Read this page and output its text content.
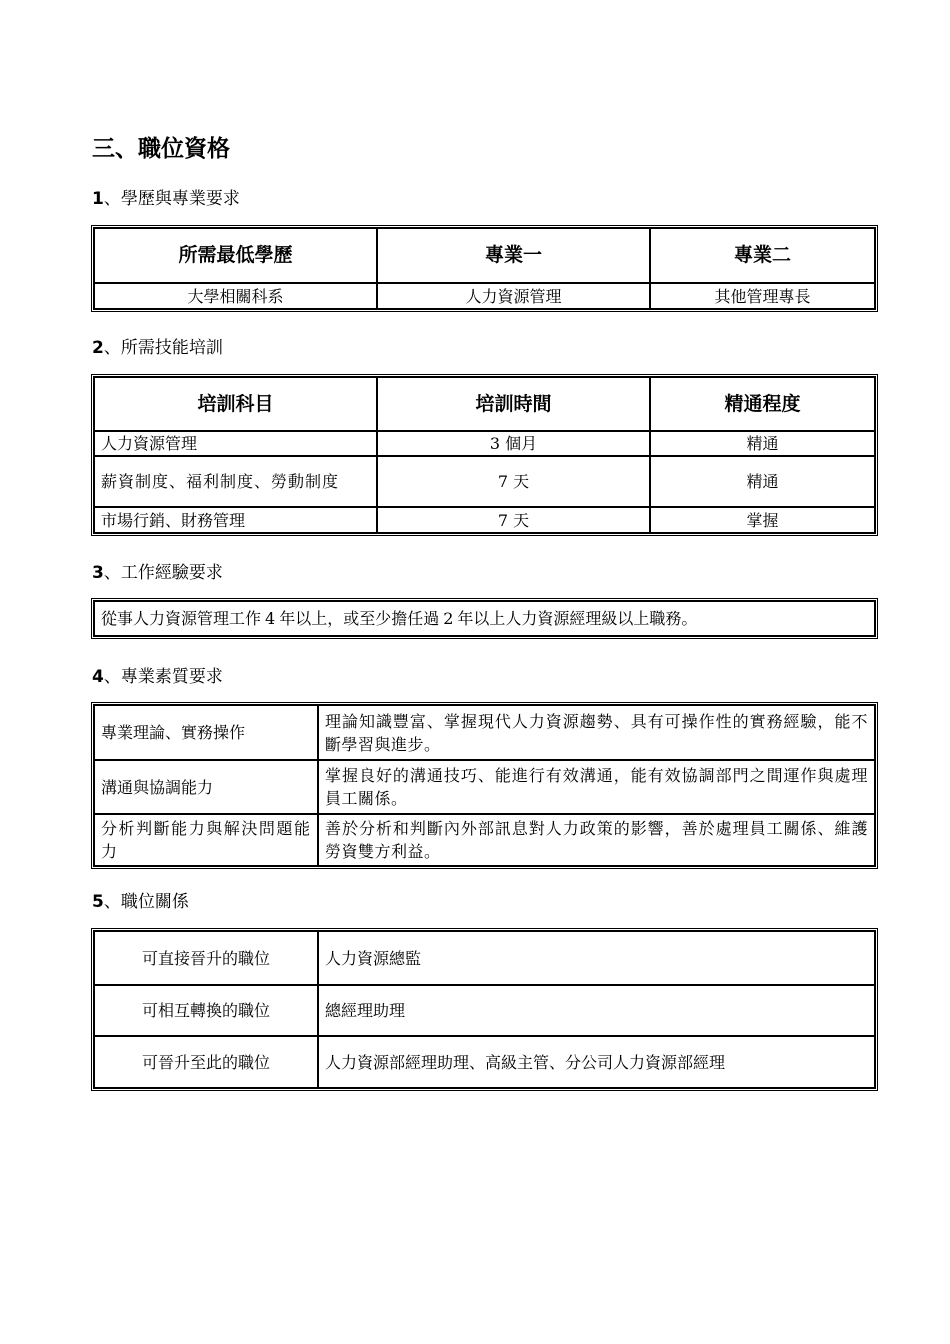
三、職位資格

1、學歷與專業要求

所需最低學歷	專業一	專業二
大學相關科系	人力資源管理	其他管理專長

2、所需技能培訓

培訓科目	培訓時間	精通程度
人力資源管理	3 個月	精通
薪資制度、福利制度、勞動制度	7 天	精通
市場行銷、財務管理	7 天	掌握

3、工作經驗要求

從事人力資源管理工作 4 年以上，或至少擔任過 2 年以上人力資源經理級以上職務。

4、專業素質要求

專業理論、實務操作	理論知識豐富、掌握現代人力資源趨勢、具有可操作性的實務經驗，能不斷學習與進步。
溝通與協調能力	掌握良好的溝通技巧、能進行有效溝通，能有效協調部門之間運作與處理員工關係。
分析判斷能力與解決問題能力	善於分析和判斷內外部訊息對人力政策的影響，善於處理員工關係、維護勞資雙方利益。

5、職位關係

可直接晉升的職位	人力資源總監
可相互轉換的職位	總經理助理
可晉升至此的職位	人力資源部經理助理、高級主管、分公司人力資源部經理
